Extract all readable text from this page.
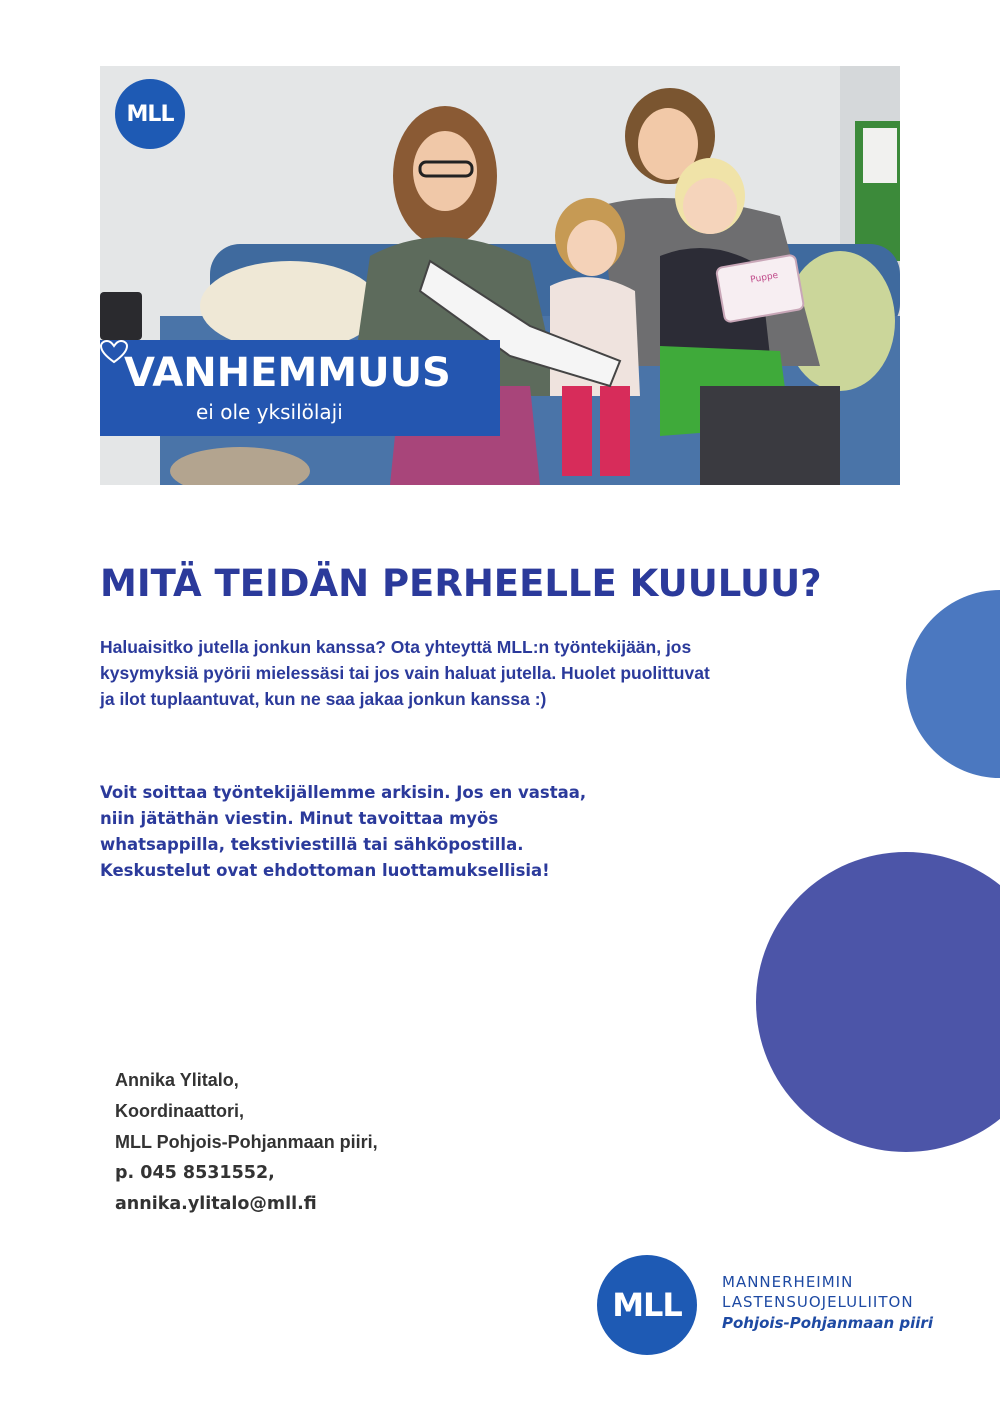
Puppe
MLL
VANHEMMUUS
ei ole yksilölaji
MITÄ TEIDÄN PERHEELLE KUULUU?
Haluaisitko jutella jonkun kanssa? Ota yhteyttä MLL:n työntekijään, jos
kysymyksiä pyörii mielessäsi tai jos vain haluat jutella. Huolet puolittuvat
ja ilot tuplaantuvat, kun ne saa jakaa jonkun kanssa :)
Voit soittaa työntekijällemme arkisin. Jos en vastaa,
niin jätäthän viestin. Minut tavoittaa myös
whatsappilla, tekstiviestillä tai sähköpostilla.
Keskustelut ovat ehdottoman luottamuksellisia!
Annika Ylitalo,
Koordinaattori,
MLL Pohjois-Pohjanmaan piiri,
p. 045 8531552,
annika.ylitalo@mll.fi
MLL
MANNERHEIMIN
LASTENSUOJELULIITON
Pohjois-Pohjanmaan piiri
